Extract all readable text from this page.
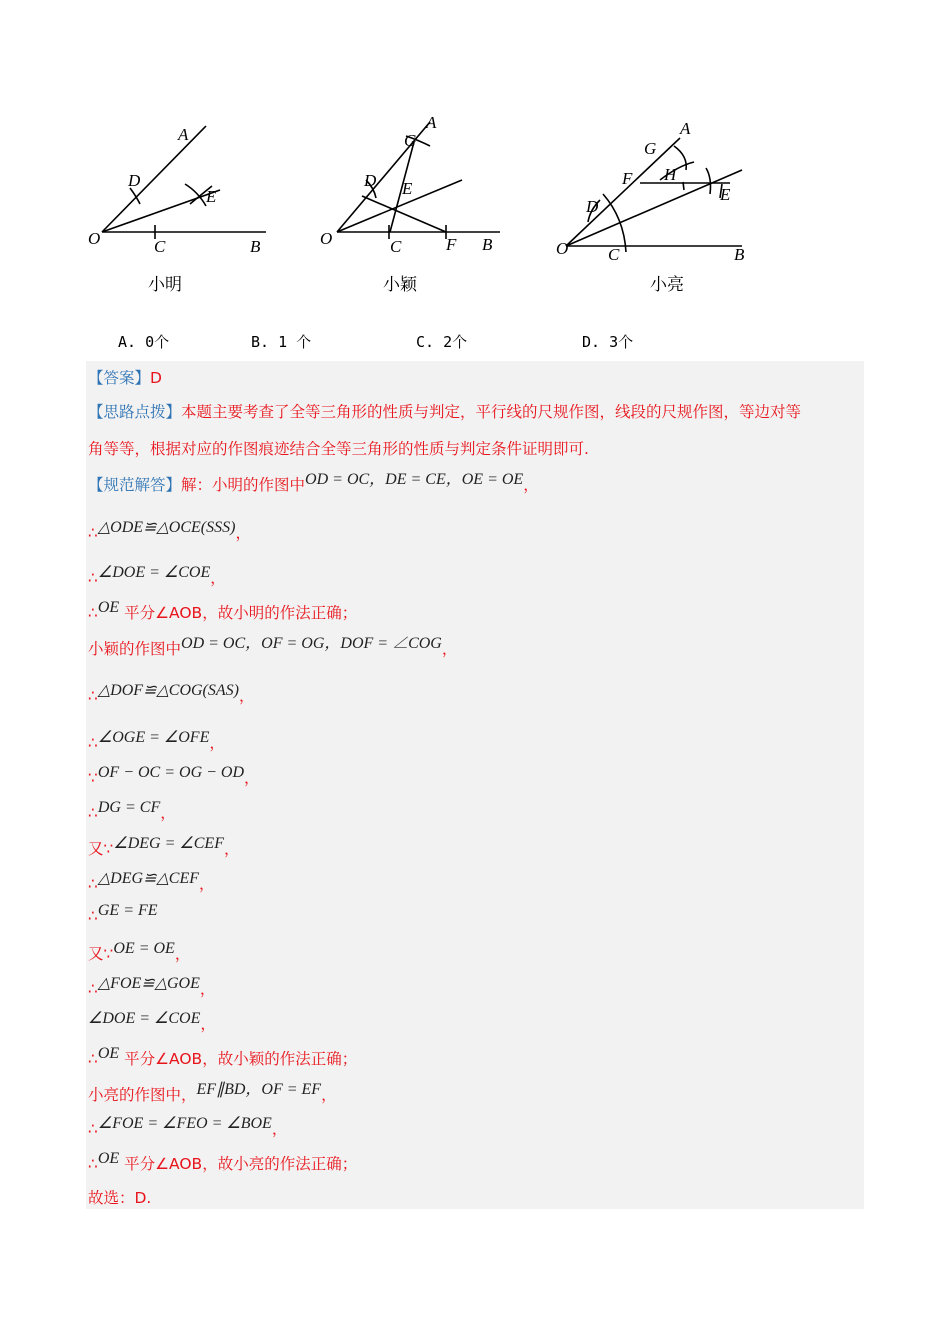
O
A
B
C
D
E
O
A
B
C
D E
F
G
O
A
B
C
D
E
F
G
H
小明	小颖	小亮
A. 0个	B. 1 个	C. 2个	D. 3个
【答案】D
【思路点拨】本题主要考查了全等三角形的性质与判定，平行线的尺规作图，线段的尺规作图，等边对等
角等等，根据对应的作图痕迹结合全等三角形的性质与判定条件证明即可.
【规范解答】解：小明的作图中OD = OC，DE = CE，OE = OE，
∴△ODE≌△OCE(SSS)，
∴∠DOE = ∠COE，
∴OE 平分∠AOB，故小明的作法正确；
小颖的作图中OD = OC，OF = OG，DOF = ∠COG，
∴△DOF≌△COG(SAS)，
∴∠OGE = ∠OFE，
∵OF − OC = OG − OD，
∴DG = CF，
又∵∠DEG = ∠CEF，
∴△DEG≌△CEF，
∴GE = FE
又∵OE = OE，
∴△FOE≌△GOE，
∠DOE = ∠COE，
∴OE 平分∠AOB，故小颖的作法正确；
小亮的作图中，EF∥BD，OF = EF，
∴∠FOE = ∠FEO = ∠BOE，
∴OE 平分∠AOB，故小亮的作法正确；
故选：D.
